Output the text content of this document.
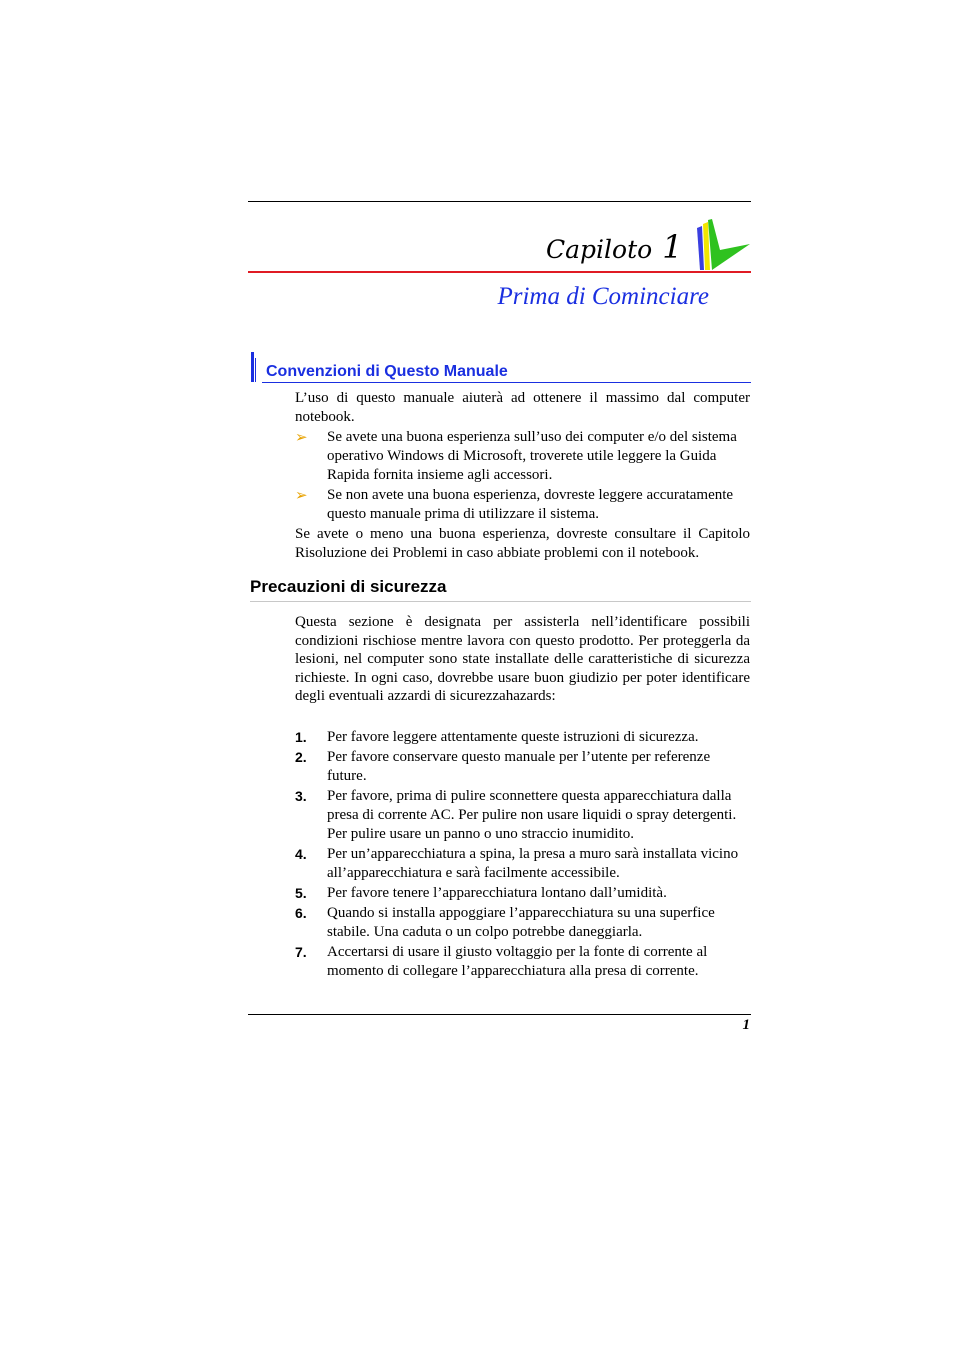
Capiloto 1
Prima di Cominciare
Convenzioni di Questo Manuale
L’uso di questo manuale aiuterà ad ottenere il massimo dal computer notebook.
➢ Se avete una buona esperienza sull’uso dei computer e/o del sistema operativo Windows di Microsoft, troverete utile leggere la Guida Rapida fornita insieme agli accessori.
➢ Se non avete una buona esperienza, dovreste leggere accuratamente questo manuale prima di utilizzare il sistema.
Se avete o meno una buona esperienza, dovreste consultare il Capitolo Risoluzione dei Problemi in caso abbiate problemi con il notebook.
Precauzioni di sicurezza
Questa sezione è designata per assisterla nell’identificare possibili condizioni rischiose mentre lavora con questo prodotto. Per proteggerla da lesioni, nel computer sono state installate delle caratteristiche di sicurezza richieste. In ogni caso, dovrebbe usare buon giudizio per poter identificare degli eventuali azzardi di sicurezzahazards:
1. Per favore leggere attentamente queste istruzioni di sicurezza.
2. Per favore conservare questo manuale per l’utente per referenze future.
3. Per favore, prima di pulire sconnettere questa apparecchiatura dalla presa di corrente AC. Per pulire non usare liquidi o spray detergenti. Per pulire usare un panno o uno straccio inumidito.
4. Per un’apparecchiatura a spina, la presa a muro sarà installata vicino all’apparecchiatura e sarà facilmente accessibile.
5. Per favore tenere l’apparecchiatura lontano dall’umidità.
6. Quando si installa appoggiare l’apparecchiatura su una superfice stabile. Una caduta o un colpo potrebbe daneggiarla.
7. Accertarsi di usare il giusto voltaggio per la fonte di corrente al momento di collegare l’apparecchiatura alla presa di corrente.
1
